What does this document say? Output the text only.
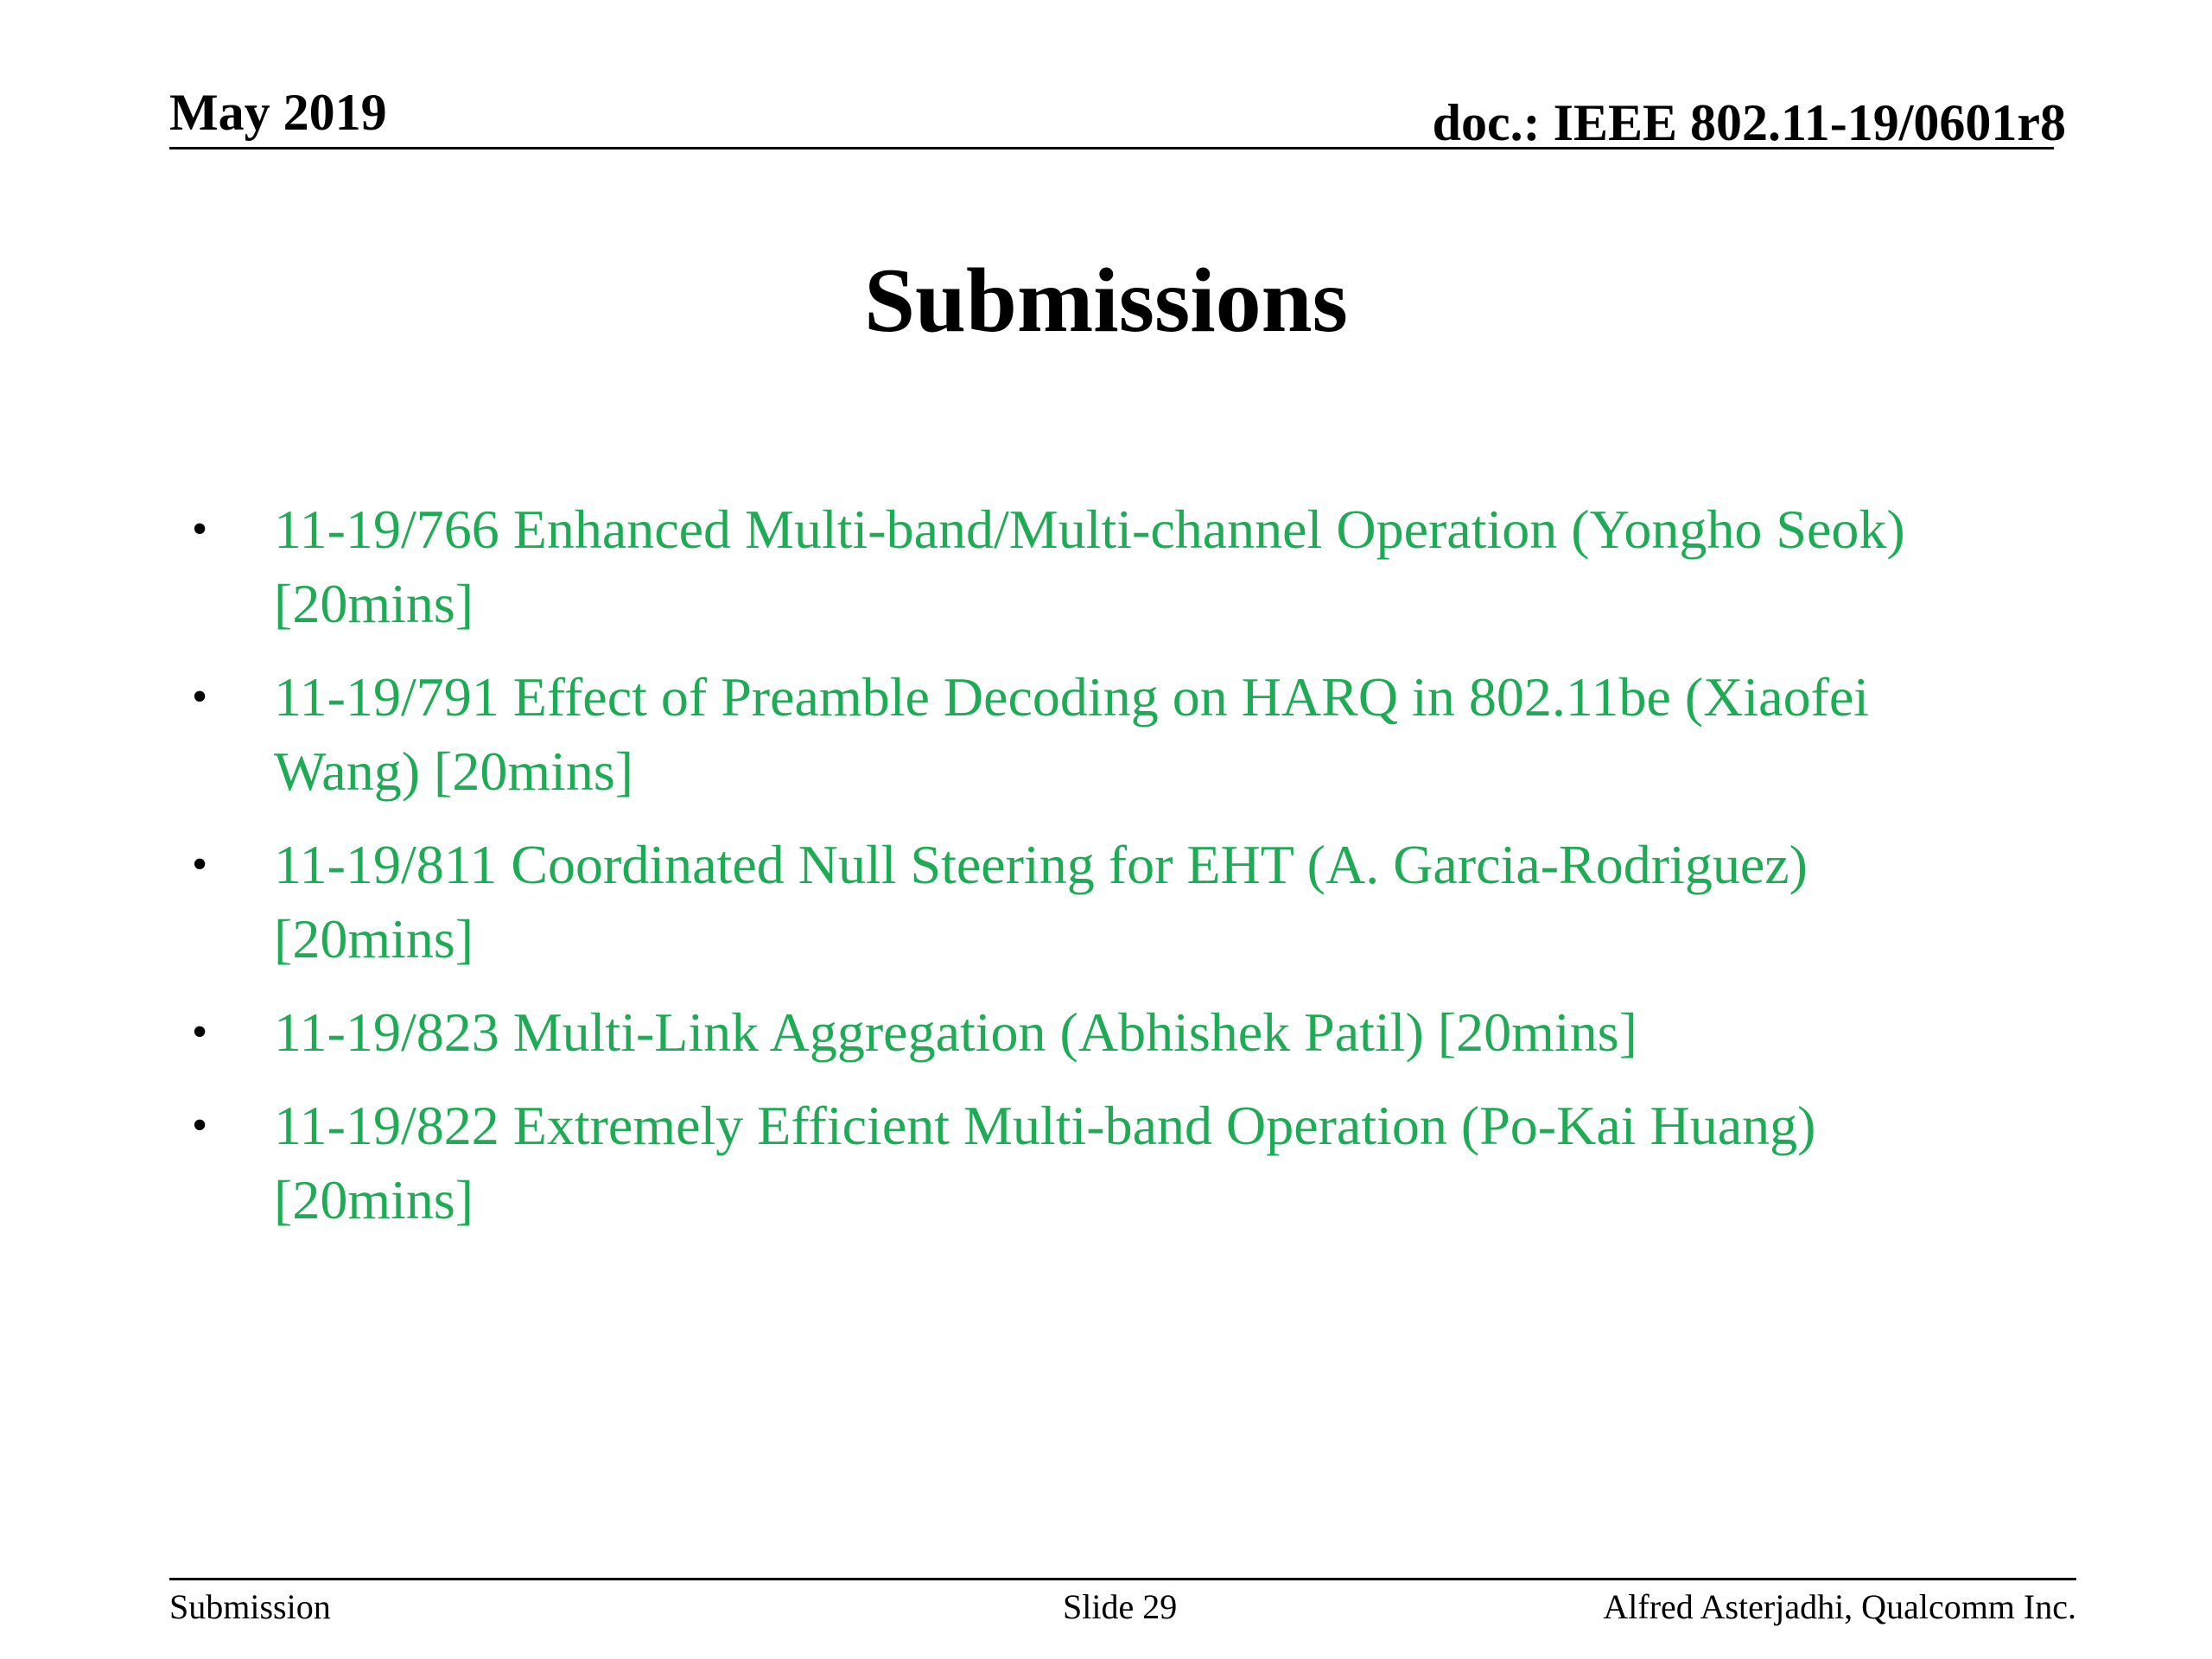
May 2019	doc.: IEEE 802.11-19/0601r8
Submissions
• 11-19/766 Enhanced Multi-band/Multi-channel Operation (Yongho Seok) [20mins]
• 11-19/791 Effect of Preamble Decoding on HARQ in 802.11be (Xiaofei Wang) [20mins]
• 11-19/811 Coordinated Null Steering for EHT (A. Garcia-Rodriguez) [20mins]
• 11-19/823 Multi-Link Aggregation (Abhishek Patil) [20mins]
• 11-19/822 Extremely Efficient Multi-band Operation (Po-Kai Huang) [20mins]
Submission	Slide 29	Alfred Asterjadhi, Qualcomm Inc.
